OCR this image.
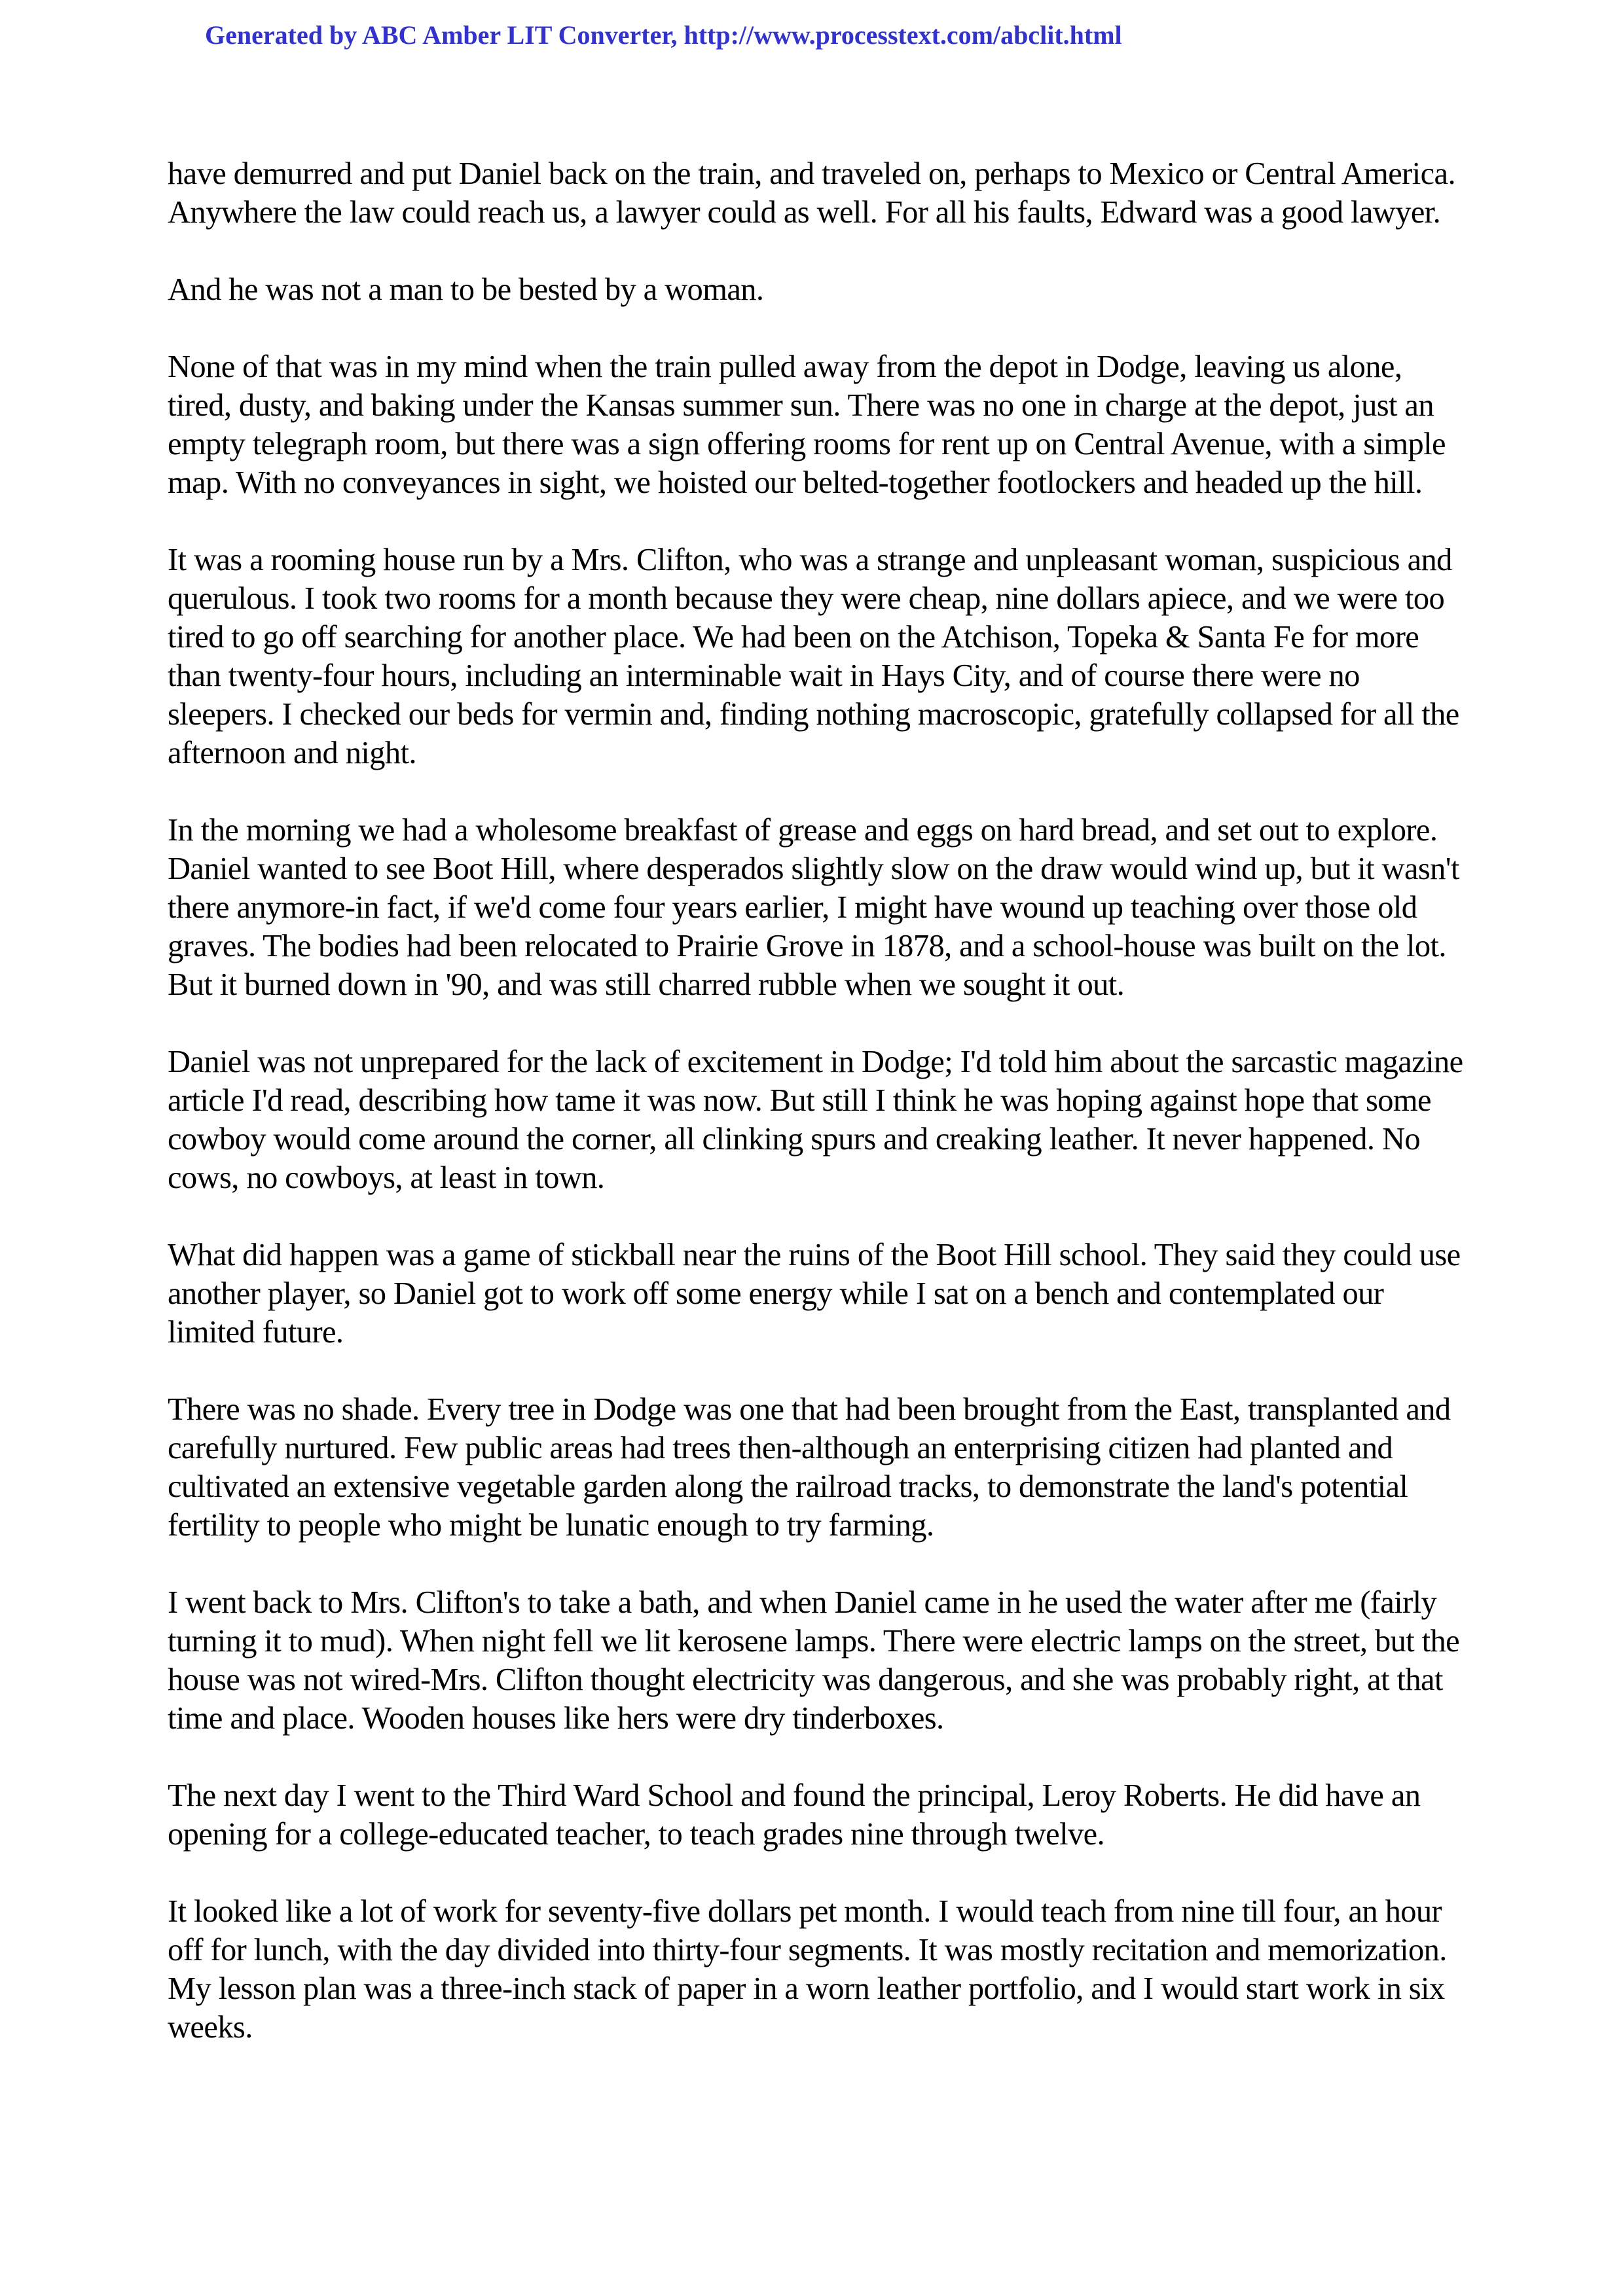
Generated by ABC Amber LIT Converter, http://www.processtext.com/abclit.html

have demurred and put Daniel back on the train, and traveled on, perhaps to Mexico or Central America. Anywhere the law could reach us, a lawyer could as well. For all his faults, Edward was a good lawyer.

And he was not a man to be bested by a woman.

None of that was in my mind when the train pulled away from the depot in Dodge, leaving us alone, tired, dusty, and baking under the Kansas summer sun. There was no one in charge at the depot, just an empty telegraph room, but there was a sign offering rooms for rent up on Central Avenue, with a simple map. With no conveyances in sight, we hoisted our belted-together footlockers and headed up the hill.

It was a rooming house run by a Mrs. Clifton, who was a strange and unpleasant woman, suspicious and querulous. I took two rooms for a month because they were cheap, nine dollars apiece, and we were too tired to go off searching for another place. We had been on the Atchison, Topeka & Santa Fe for more than twenty-four hours, including an interminable wait in Hays City, and of course there were no sleepers. I checked our beds for vermin and, finding nothing macroscopic, gratefully collapsed for all the afternoon and night.

In the morning we had a wholesome breakfast of grease and eggs on hard bread, and set out to explore. Daniel wanted to see Boot Hill, where desperados slightly slow on the draw would wind up, but it wasn't there anymore-in fact, if we'd come four years earlier, I might have wound up teaching over those old graves. The bodies had been relocated to Prairie Grove in 1878, and a school-house was built on the lot. But it burned down in '90, and was still charred rubble when we sought it out.

Daniel was not unprepared for the lack of excitement in Dodge; I'd told him about the sarcastic magazine article I'd read, describing how tame it was now. But still I think he was hoping against hope that some cowboy would come around the corner, all clinking spurs and creaking leather. It never happened. No cows, no cowboys, at least in town.

What did happen was a game of stickball near the ruins of the Boot Hill school. They said they could use another player, so Daniel got to work off some energy while I sat on a bench and contemplated our limited future.

There was no shade. Every tree in Dodge was one that had been brought from the East, transplanted and carefully nurtured. Few public areas had trees then-although an enterprising citizen had planted and cultivated an extensive vegetable garden along the railroad tracks, to demonstrate the land's potential fertility to people who might be lunatic enough to try farming.

I went back to Mrs. Clifton's to take a bath, and when Daniel came in he used the water after me (fairly turning it to mud). When night fell we lit kerosene lamps. There were electric lamps on the street, but the house was not wired-Mrs. Clifton thought electricity was dangerous, and she was probably right, at that time and place. Wooden houses like hers were dry tinderboxes.

The next day I went to the Third Ward School and found the principal, Leroy Roberts. He did have an opening for a college-educated teacher, to teach grades nine through twelve.

It looked like a lot of work for seventy-five dollars pet month. I would teach from nine till four, an hour off for lunch, with the day divided into thirty-four segments. It was mostly recitation and memorization. My lesson plan was a three-inch stack of paper in a worn leather portfolio, and I would start work in six weeks.
